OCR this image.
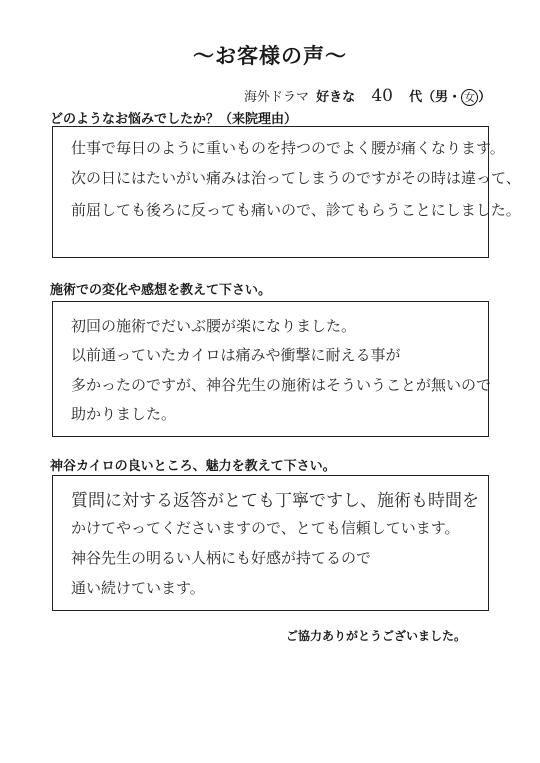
～お客様の声～
海外ドラマ 好きな 40 代（男・ 女 ）
どのようなお悩みでしたか？（来院理由）
仕事で毎日のように重いものを持つのでよく腰が痛くなります。
次の日にはたいがい痛みは治ってしまうのですがその時は違って、
前屈しても後ろに反っても痛いので、診てもらうことにしました。
施術での変化や感想を教えて下さい。
初回の施術でだいぶ腰が楽になりました。
以前通っていたカイロは痛みや衝撃に耐える事が
多かったのですが、神谷先生の施術はそういうことが無いので
助かりました。
神谷カイロの良いところ、魅力を教えて下さい。
質問に対する返答がとても丁寧ですし、施術も時間を
かけてやってくださいますので、とても信頼しています。
神谷先生の明るい人柄にも好感が持てるので
通い続けています。
ご協力ありがとうございました。
